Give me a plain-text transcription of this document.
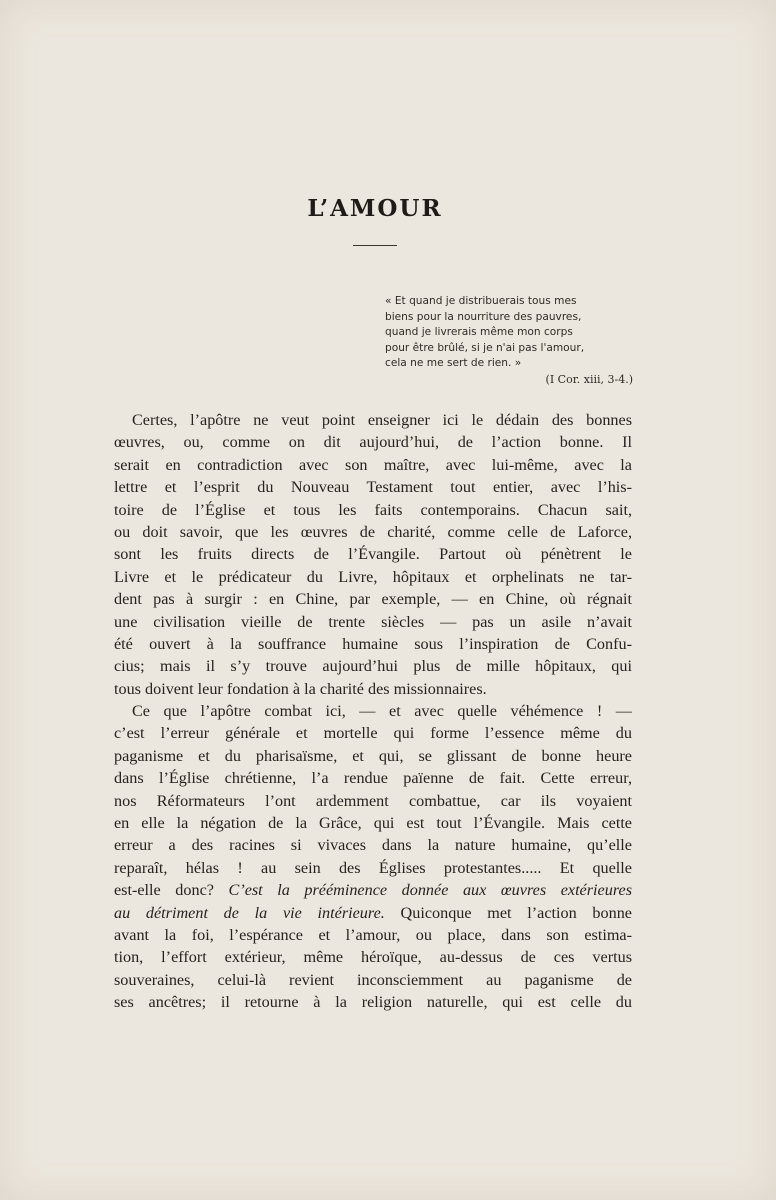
L’AMOUR
« Et quand je distribuerais tous mes
biens pour la nourriture des pauvres,
quand je livrerais même mon corps
pour être brûlé, si je n'ai pas l'amour,
cela ne me sert de rien. »
(I Cor. xiii, 3-4.)
Certes, l’apôtre ne veut point enseigner ici le dédain des bonnes
œuvres, ou, comme on dit aujourd’hui, de l’action bonne. Il
serait en contradiction avec son maître, avec lui-même, avec la
lettre et l’esprit du Nouveau Testament tout entier, avec l’his-
toire de l’Église et tous les faits contemporains. Chacun sait,
ou doit savoir, que les œuvres de charité, comme celle de Laforce,
sont les fruits directs de l’Évangile. Partout où pénètrent le
Livre et le prédicateur du Livre, hôpitaux et orphelinats ne tar-
dent pas à surgir : en Chine, par exemple, — en Chine, où régnait
une civilisation vieille de trente siècles — pas un asile n’avait
été ouvert à la souffrance humaine sous l’inspiration de Confu-
cius; mais il s’y trouve aujourd’hui plus de mille hôpitaux, qui
tous doivent leur fondation à la charité des missionnaires.
Ce que l’apôtre combat ici, — et avec quelle véhémence ! —
c’est l’erreur générale et mortelle qui forme l’essence même du
paganisme et du pharisaïsme, et qui, se glissant de bonne heure
dans l’Église chrétienne, l’a rendue païenne de fait. Cette erreur,
nos Réformateurs l’ont ardemment combattue, car ils voyaient
en elle la négation de la Grâce, qui est tout l’Évangile. Mais cette
erreur a des racines si vivaces dans la nature humaine, qu’elle
reparaît, hélas ! au sein des Églises protestantes..... Et quelle
est-elle donc? C’est la prééminence donnée aux œuvres extérieures
au détriment de la vie intérieure. Quiconque met l’action bonne
avant la foi, l’espérance et l’amour, ou place, dans son estima-
tion, l’effort extérieur, même héroïque, au-dessus de ces vertus
souveraines, celui-là revient inconsciemment au paganisme de
ses ancêtres; il retourne à la religion naturelle, qui est celle du
